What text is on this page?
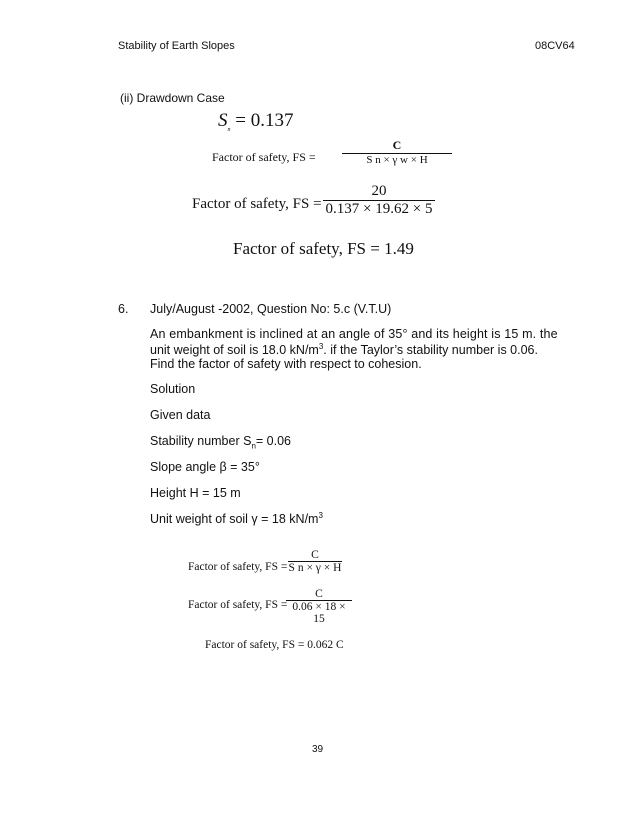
Stability of Earth Slopes	08CV64
(ii) Drawdown Case
$S_n = 0.137$
Factor of safety, FS =
C
S n × γ w × H
Factor of safety, FS =
20
0.137 × 19.62 × 5
Factor of safety, FS = 1.49
6. July/August -2002, Question No: 5.c (V.T.U)
An embankment is inclined at an angle of 35° and its height is 15 m. the
unit weight of soil is 18.0 $kN/m^3$. if the Taylor’s stability number is 0.06.
Find the factor of safety with respect to cohesion.
Solution
Given data
Stability number $S_n= 0.06$
Slope angle β = 35°
Height H = 15 m
Unit weight of soil γ = 18 $kN/m^3$
Factor of safety, FS =
C
S n × γ × H
Factor of safety, FS =
C
0.06 × 18 × 15
Factor of safety, FS = 0.062 C
39
